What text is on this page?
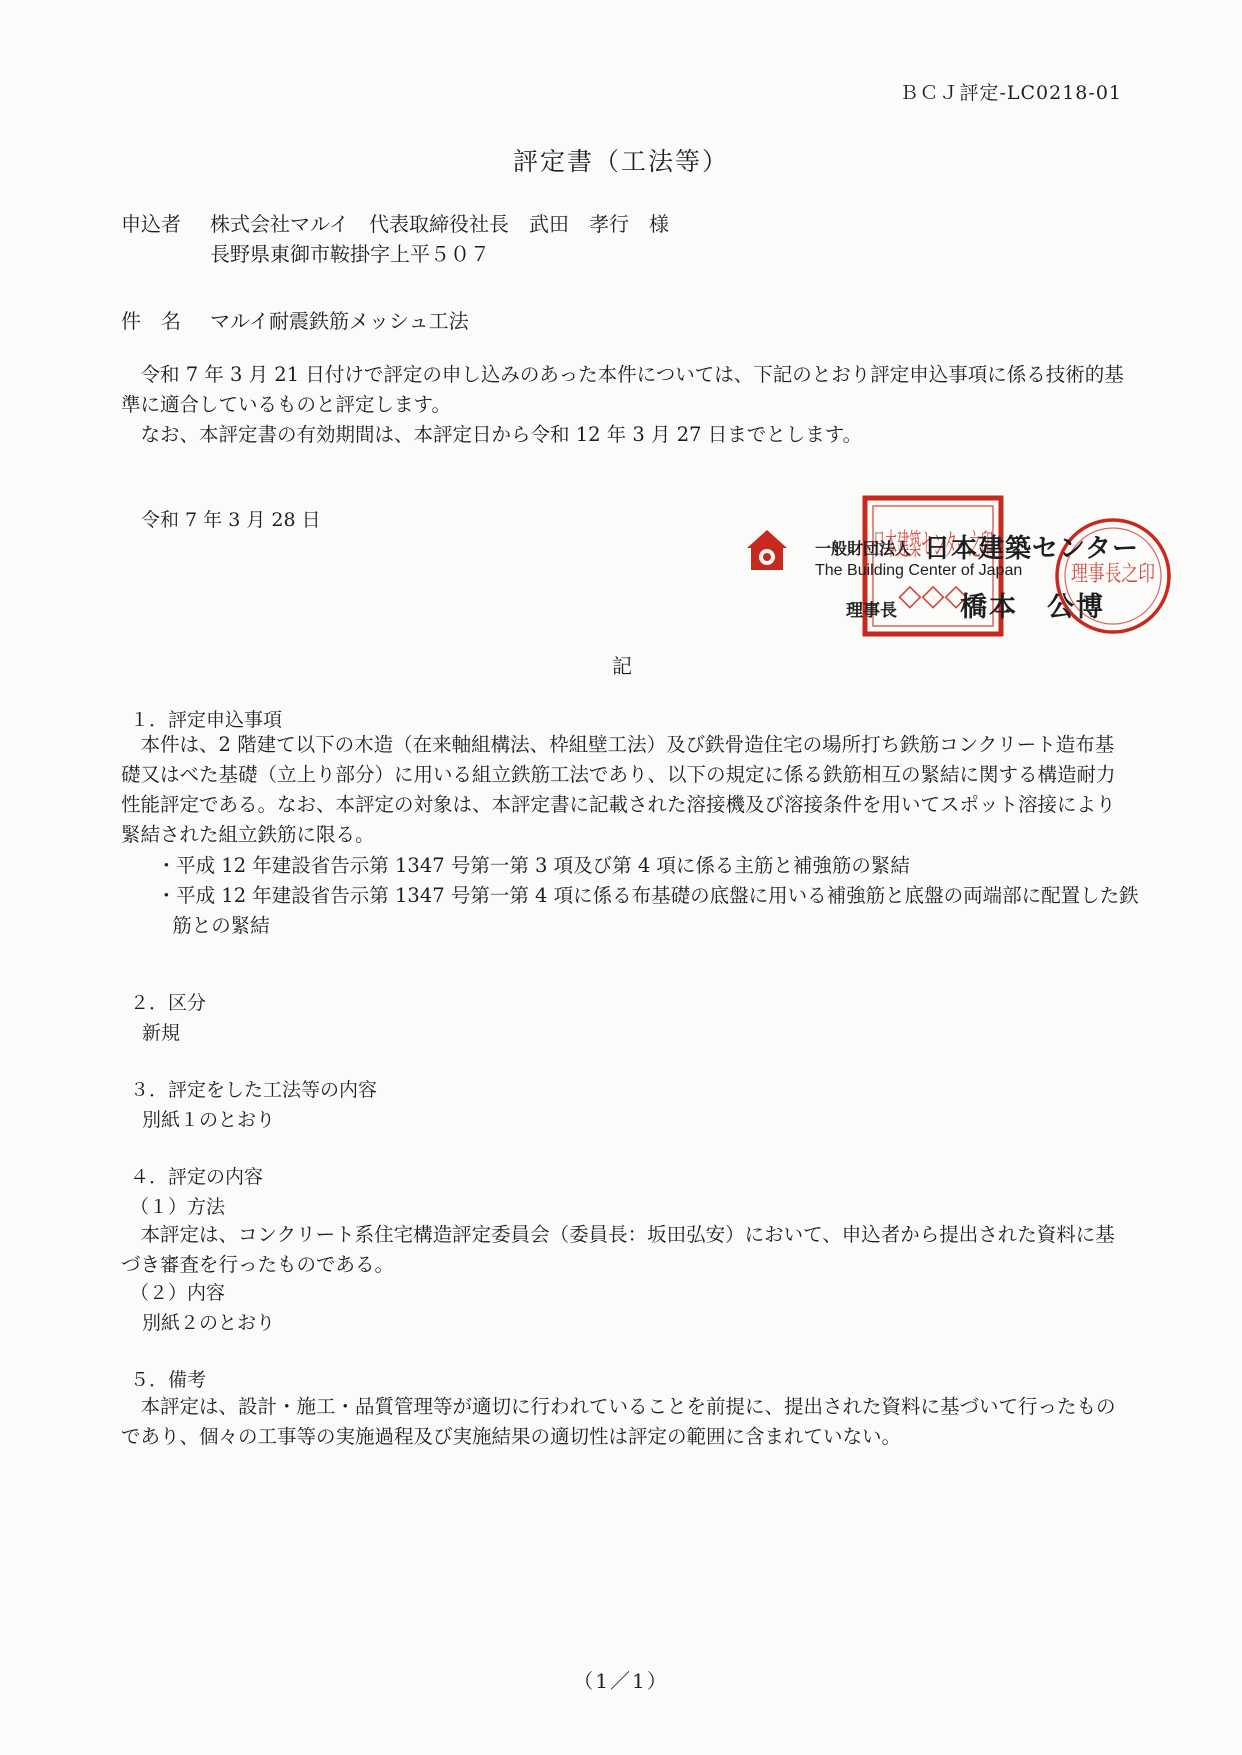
ＢＣＪ評定-LC0218-01
評定書（工法等）
申込者 株式会社マルイ　代表取締役社長　武田　孝行　様
長野県東御市鞍掛字上平５０７
件　名 マルイ耐震鉄筋メッシュ工法
令和 7 年 3 月 21 日付けで評定の申し込みのあった本件については、下記のとおり評定申込事項に係る技術的基準に適合しているものと評定します。
なお、本評定書の有効期間は、本評定日から令和 12 年 3 月 27 日までとします。
令和 7 年 3 月 28 日
日本建築センター之印
◇◇◇
理事長之印
一般財団法人 日本建築センター
The Building Center of Japan
理事長 橋本　公博
記
１．評定申込事項
本件は、2 階建て以下の木造（在来軸組構法、枠組壁工法）及び鉄骨造住宅の場所打ち鉄筋コンクリート造布基礎又はべた基礎（立上り部分）に用いる組立鉄筋工法であり、以下の規定に係る鉄筋相互の緊結に関する構造耐力性能評定である。なお、本評定の対象は、本評定書に記載された溶接機及び溶接条件を用いてスポット溶接により緊結された組立鉄筋に限る。
・平成 12 年建設省告示第 1347 号第一第 3 項及び第 4 項に係る主筋と補強筋の緊結
・平成 12 年建設省告示第 1347 号第一第 4 項に係る布基礎の底盤に用いる補強筋と底盤の両端部に配置した鉄筋との緊結
２．区分
新規
３．評定をした工法等の内容
別紙１のとおり
４．評定の内容
（１）方法
本評定は、コンクリート系住宅構造評定委員会（委員長：坂田弘安）において、申込者から提出された資料に基づき審査を行ったものである。
（２）内容
別紙２のとおり
５．備考
本評定は、設計・施工・品質管理等が適切に行われていることを前提に、提出された資料に基づいて行ったものであり、個々の工事等の実施過程及び実施結果の適切性は評定の範囲に含まれていない。
（1／1）
